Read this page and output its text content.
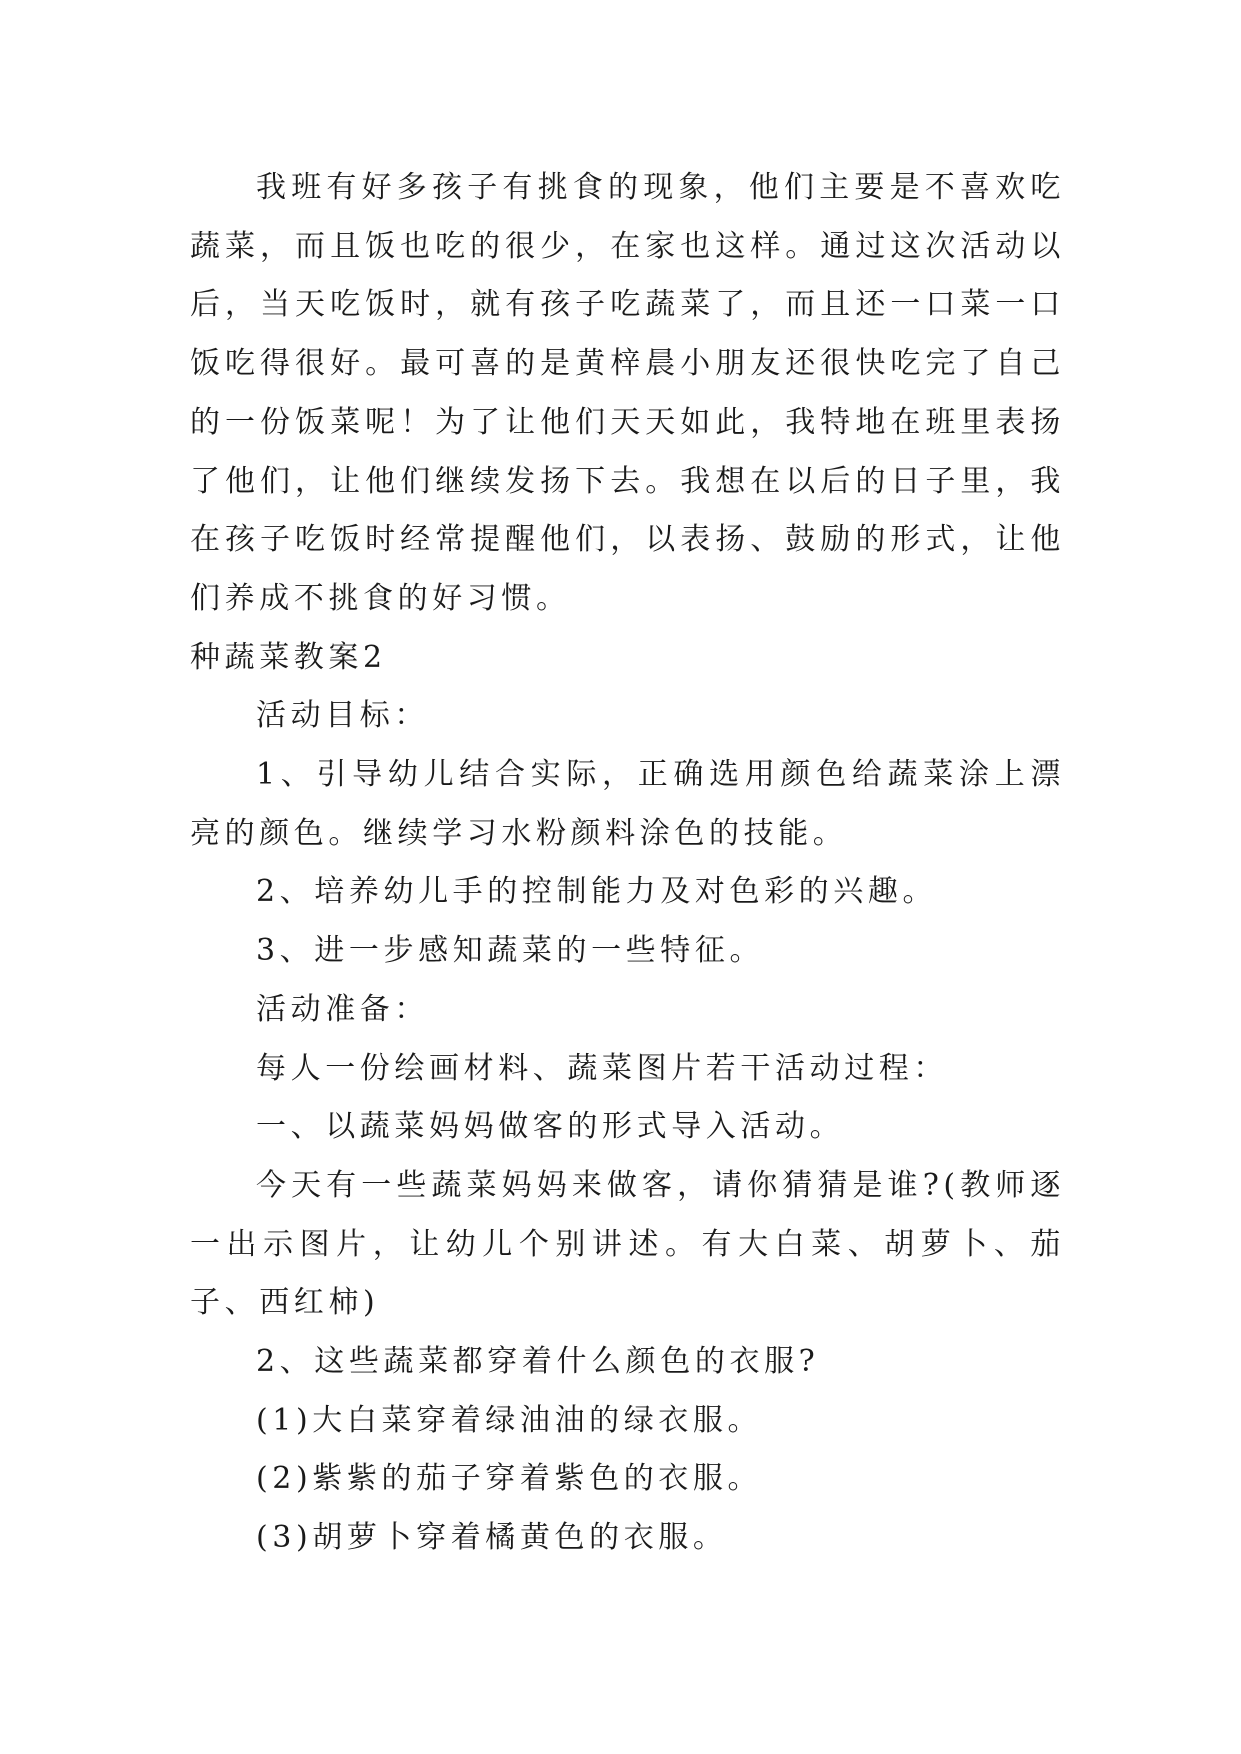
我班有好多孩子有挑食的现象，他们主要是不喜欢吃蔬菜，而且饭也吃的很少，在家也这样。通过这次活动以后，当天吃饭时，就有孩子吃蔬菜了，而且还一口菜一口饭吃得很好。最可喜的是黄梓晨小朋友还很快吃完了自己的一份饭菜呢！为了让他们天天如此，我特地在班里表扬了他们，让他们继续发扬下去。我想在以后的日子里，我在孩子吃饭时经常提醒他们，以表扬、鼓励的形式，让他们养成不挑食的好习惯。

种蔬菜教案2

活动目标：

1、引导幼儿结合实际，正确选用颜色给蔬菜涂上漂亮的颜色。继续学习水粉颜料涂色的技能。

2、培养幼儿手的控制能力及对色彩的兴趣。

3、进一步感知蔬菜的一些特征。

活动准备：

每人一份绘画材料、蔬菜图片若干活动过程：

一、以蔬菜妈妈做客的形式导入活动。

今天有一些蔬菜妈妈来做客，请你猜猜是谁?(教师逐一出示图片，让幼儿个别讲述。有大白菜、胡萝卜、茄子、西红柿)

2、这些蔬菜都穿着什么颜色的衣服?

(1)大白菜穿着绿油油的绿衣服。

(2)紫紫的茄子穿着紫色的衣服。

(3)胡萝卜穿着橘黄色的衣服。
